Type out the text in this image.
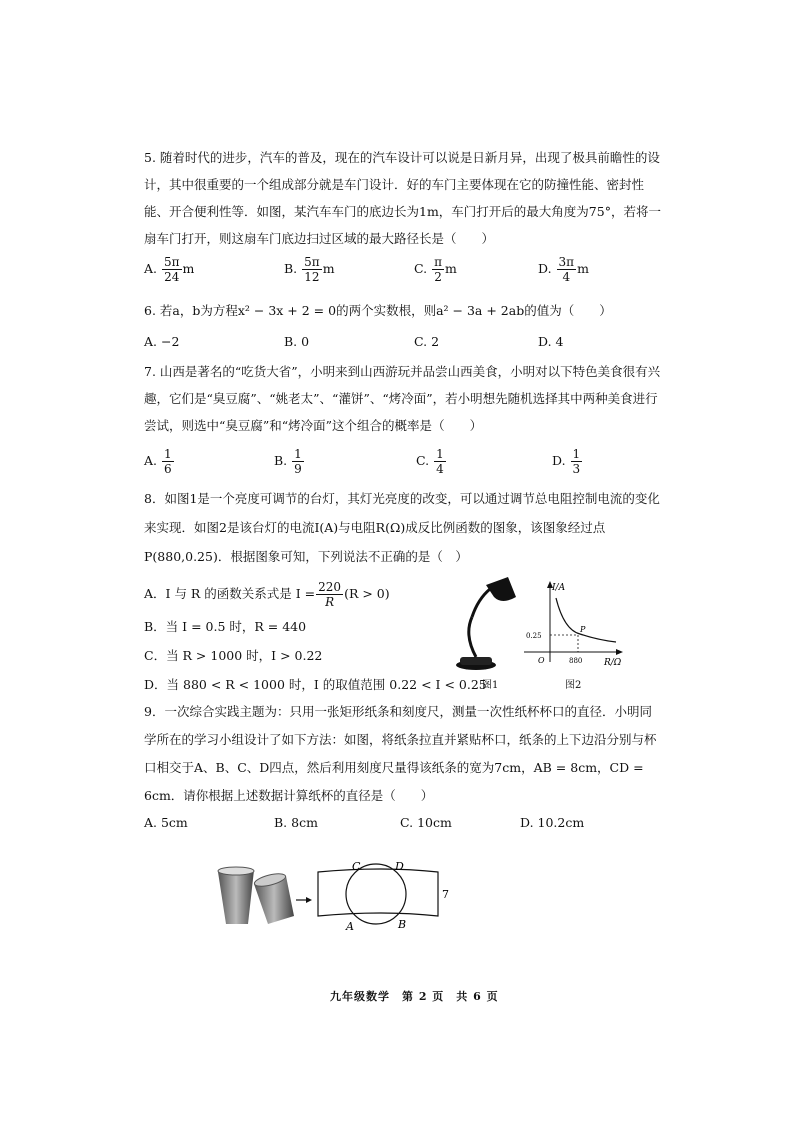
5. 随着时代的进步，汽车的普及，现在的汽车设计可以说是日新月异，出现了极具前瞻性的设计，其中很重要的一个组成部分就是车门设计．好的车门主要体现在它的防撞性能、密封性能、开合便利性等．如图，某汽车车门的底边长为1m，车门打开后的最大角度为75°，若将一扇车门打开，则这扇车门底边扫过区域的最大路径长是（　　）
A. $\frac{5\pi}{24}$ m	B. $\frac{5\pi}{12}$ m	C. $\frac{\pi}{2}$ m	D. $\frac{3\pi}{4}$ m
6. 若a，b为方程x² − 3x + 2 = 0的两个实数根，则a² − 3a + 2ab的值为（　　）
A. −2	B. 0	C. 2	D. 4
7. 山西是著名的“吃货大省”，小明来到山西游玩并品尝山西美食，小明对以下特色美食很有兴趣，它们是“臭豆腐”、“姚老太”、“灌饼”、“烤冷面”，若小明想先随机选择其中两种美食进行尝试，则选中“臭豆腐”和“烤冷面”这个组合的概率是（　　）
A. $\frac{1}{6}$	B. $\frac{1}{9}$	C. $\frac{1}{4}$	D. $\frac{1}{3}$
8．如图1是一个亮度可调节的台灯，其灯光亮度的改变，可以通过调节总电阻控制电流的变化来实现．如图2是该台灯的电流I(A)与电阻R(Ω)成反比例函数的图象，该图象经过点P(880,0.25)．根据图象可知，下列说法不正确的是（　）
A．I 与 R 的函数关系式是 $I = \frac{220}{R} (R > 0)$
B．当 I = 0.5 时，R = 440
C．当 R > 1000 时，I > 0.22
D．当 880 < R < 1000 时，I 的取值范围 0.22 < I < 0.25
图1
I/A
R/Ω
O
0.25
880
P
图2
9．一次综合实践主题为：只用一张矩形纸条和刻度尺，测量一次性纸杯杯口的直径．小明同学所在的学习小组设计了如下方法：如图，将纸条拉直并紧贴杯口，纸条的上下边沿分别与杯口相交于A、B、C、D四点，然后利用刻度尺量得该纸条的宽为7cm，AB = 8cm，CD = 6cm．请你根据上述数据计算纸杯的直径是（　　）
A. 5cm	B. 8cm	C. 10cm	D. 10.2cm
C	D
A	B
7
九年级数学　第 2 页　共 6 页
